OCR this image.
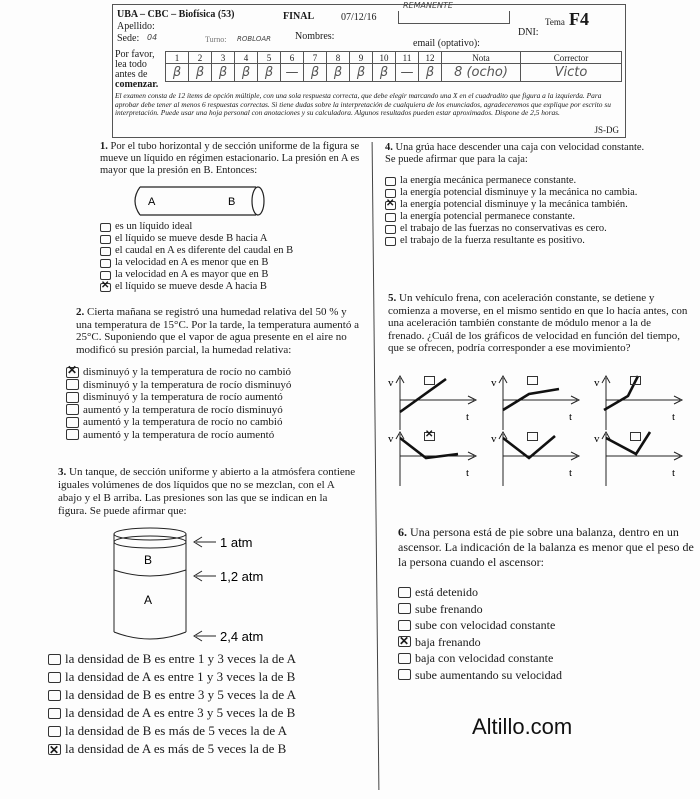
UBA – CBC – Biofísica (53)	FINAL	07/12/16
REMANENTE
Tema F4
Apellido:
Sede: 04	Turno: ROBLOAR Nombres:	DNI:
email (optativo):
Por favor,
lea todo
antes de
comenzar.
1	2	3	4	5	6	7	8	9	10	11	12	Nota	Corrector
β	β	β	β	β	—	β	β	β	β	—	β	8 (ocho)	Victo
El examen consta de 12 ítems de opción múltiple, con una sola respuesta correcta, que debe elegir marcando una X en el cuadradito que figura a la izquierda. Para aprobar debe tener al menos 6 respuestas correctas. Si tiene dudas sobre la interpretación de cualquiera de los enunciados, agradeceremos que explique por escrito su interpretación. Puede usar una hoja personal con anotaciones y su calculadora. Algunos resultados pueden estar aproximados. Dispone de 2,5 horas.
JS-DG

1. Por el tubo horizontal y de sección uniforme de la figura se mueve un líquido en régimen estacionario. La presión en A es mayor que la presión en B. Entonces:

A	B
es un líquido ideal
el líquido se mueve desde B hacia A
el caudal en A es diferente del caudal en B
la velocidad en A es menor que en B
la velocidad en A es mayor que en B
✕
el líquido se mueve desde A hacia B

2. Cierta mañana se registró una humedad relativa del 50 % y una temperatura de 15°C. Por la tarde, la temperatura aumentó a 25°C. Suponiendo que el vapor de agua presente en el aire no modificó su presión parcial, la humedad relativa:

✕
disminuyó y la temperatura de rocío no cambió
disminuyó y la temperatura de rocío disminuyó
disminuyó y la temperatura de rocío aumentó
aumentó y la temperatura de rocío disminuyó
aumentó y la temperatura de rocío no cambió
aumentó y la temperatura de rocío aumentó

3. Un tanque, de sección uniforme y abierto a la atmósfera contiene iguales volúmenes de dos líquidos que no se mezclan, con el A abajo y el B arriba. Las presiones son las que se indican en la figura. Se puede afirmar que:

B
A
1 atm
1,2 atm
2,4 atm
la densidad de B es entre 1 y 3 veces la de A
la densidad de A es entre 1 y 3 veces la de B
la densidad de B es entre 3 y 5 veces la de A
la densidad de A es entre 3 y 5 veces la de B
la densidad de B es más de 5 veces la de A
✕
la densidad de A es más de 5 veces la de B

4. Una grúa hace descender una caja con velocidad constante. Se puede afirmar que para la caja:

la energía mecánica permanece constante.
la energía potencial disminuye y la mecánica no cambia.
✕
la energía potencial disminuye y la mecánica también.
la energía potencial permanece constante.
el trabajo de las fuerzas no conservativas es cero.
el trabajo de la fuerza resultante es positivo.

5. Un vehículo frena, con aceleración constante, se detiene y comienza a moverse, en el mismo sentido en que lo hacía antes, con una aceleración también constante de módulo menor a la de frenado. ¿Cuál de los gráficos de velocidad en función del tiempo, que se ofrecen, podría corresponder a ese movimiento?

v
t
v
t
v
t
v
t
✕
v
t
v
t

6. Una persona está de pie sobre una balanza, dentro en un ascensor. La indicación de la balanza es menor que el peso de la persona cuando el ascensor:

está detenido
sube frenando
sube con velocidad constante
✕
baja frenando
baja con velocidad constante
sube aumentando su velocidad
Altillo.com
